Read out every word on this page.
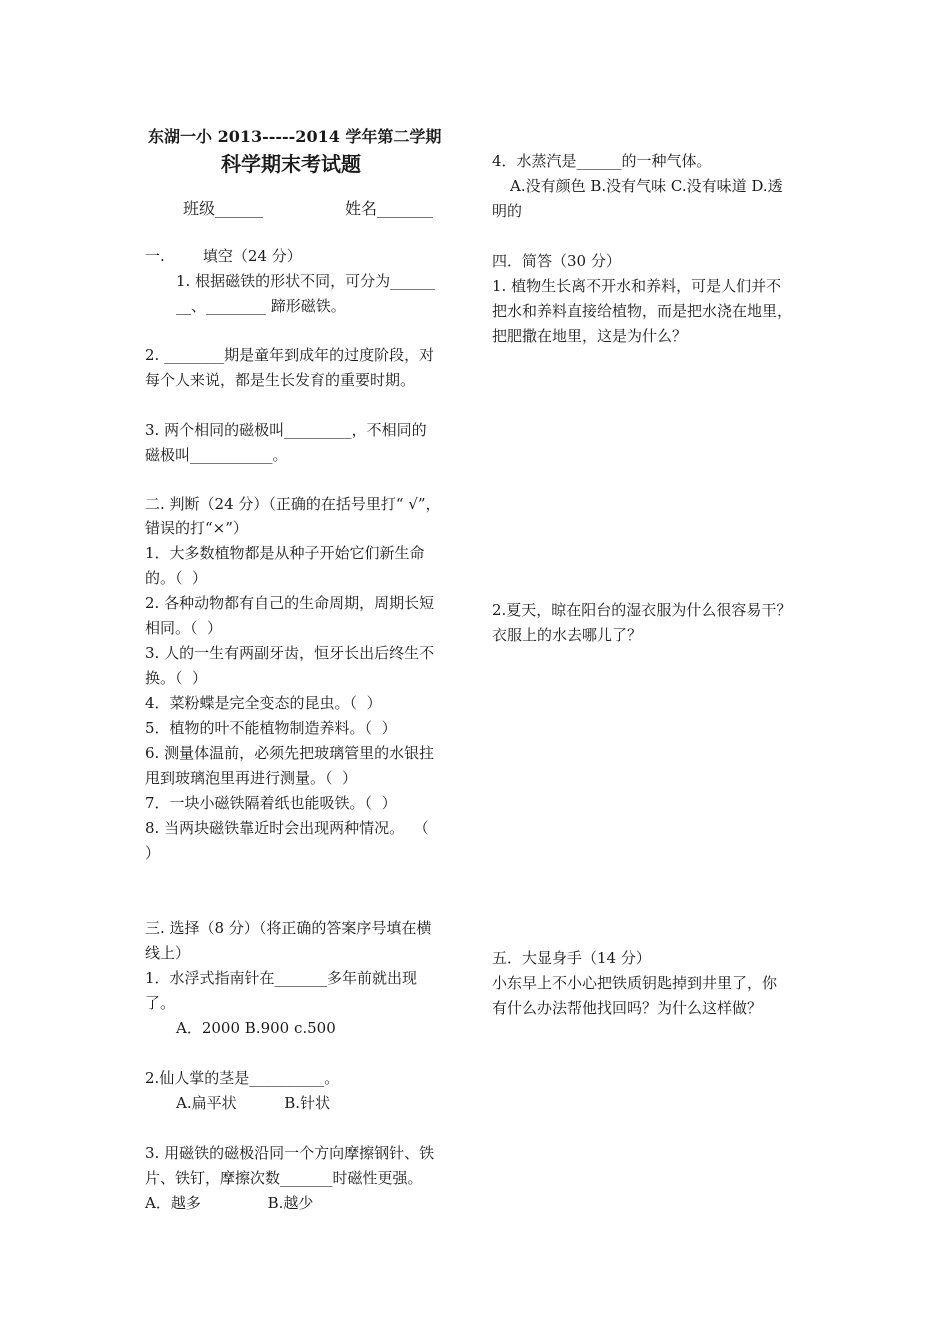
东湖一小 2013-----2014 学年第二学期
科学期末考试题
班级______	姓名_______
一.        填空（24 分）
1. 根据磁铁的形状不同，可分为______
__、________ 蹄形磁铁。
2. ________期是童年到成年的过度阶段，对
每个人来说，都是生长发育的重要时期。
3. 两个相同的磁极叫_________，不相同的
磁极叫___________。
二. 判断（24 分）（正确的在括号里打“ √”，
错误的打“×”）
1．大多数植物都是从种子开始它们新生命
的。（  ）
2. 各种动物都有自己的生命周期，周期长短
相同。（  ）
3. 人的一生有两副牙齿，恒牙长出后终生不
换。（  ）
4．菜粉蝶是完全变态的昆虫。（  ）
5．植物的叶不能植物制造养料。（  ）
6. 测量体温前，必须先把玻璃管里的水银拄
甩到玻璃泡里再进行测量。（  ）
7．一块小磁铁隔着纸也能吸铁。（  ）
8. 当两块磁铁靠近时会出现两种情况。  （
）
三. 选择（8 分）（将正确的答案序号填在横
线上）
1．水浮式指南针在_______多年前就出现
了。
A．2000 B.900 c.500
2.仙人掌的茎是__________。
A.扁平状          B.针状
3. 用磁铁的磁极沿同一个方向摩擦钢针、铁
片、铁钉，摩擦次数_______时磁性更强。
A．越多              B.越少
4．水蒸汽是______的一种气体。
A.没有颜色 B.没有气味 C.没有味道 D.透
明的
四．简答（30 分）
1. 植物生长离不开水和养料，可是人们并不
把水和养料直接给植物，而是把水浇在地里，
把肥撒在地里，这是为什么？
2.夏天，晾在阳台的湿衣服为什么很容易干？
衣服上的水去哪儿了？
五．大显身手（14 分）
小东早上不小心把铁质钥匙掉到井里了，你
有什么办法帮他找回吗？为什么这样做？
